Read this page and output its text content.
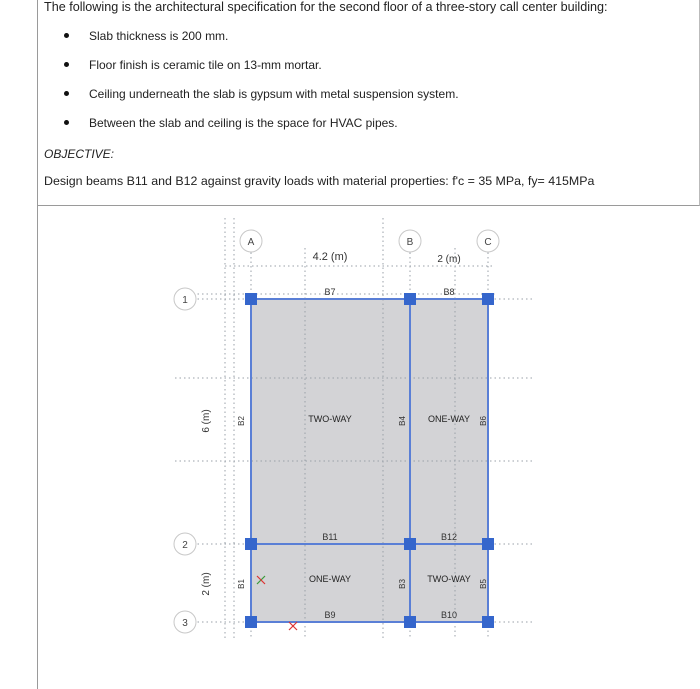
The following is the architectural specification for the second floor of a three-story call center building:
Slab thickness is 200 mm.
Floor finish is ceramic tile on 13-mm mortar.
Ceiling underneath the slab is gypsum with metal suspension system.
Between the slab and ceiling is the space for HVAC pipes.
OBJECTIVE:
Design beams B11 and B12 against gravity loads with material properties: f'c = 35 MPa, fy= 415MPa
A	B	C
1
2
3
4.2 (m)	2 (m)
6 (m)
2 (m)
B7	B8
B11	B12
B9	B10
B2
B1
B4
B3
B6
B5
TWO-WAY	ONE-WAY
ONE-WAY	TWO-WAY
